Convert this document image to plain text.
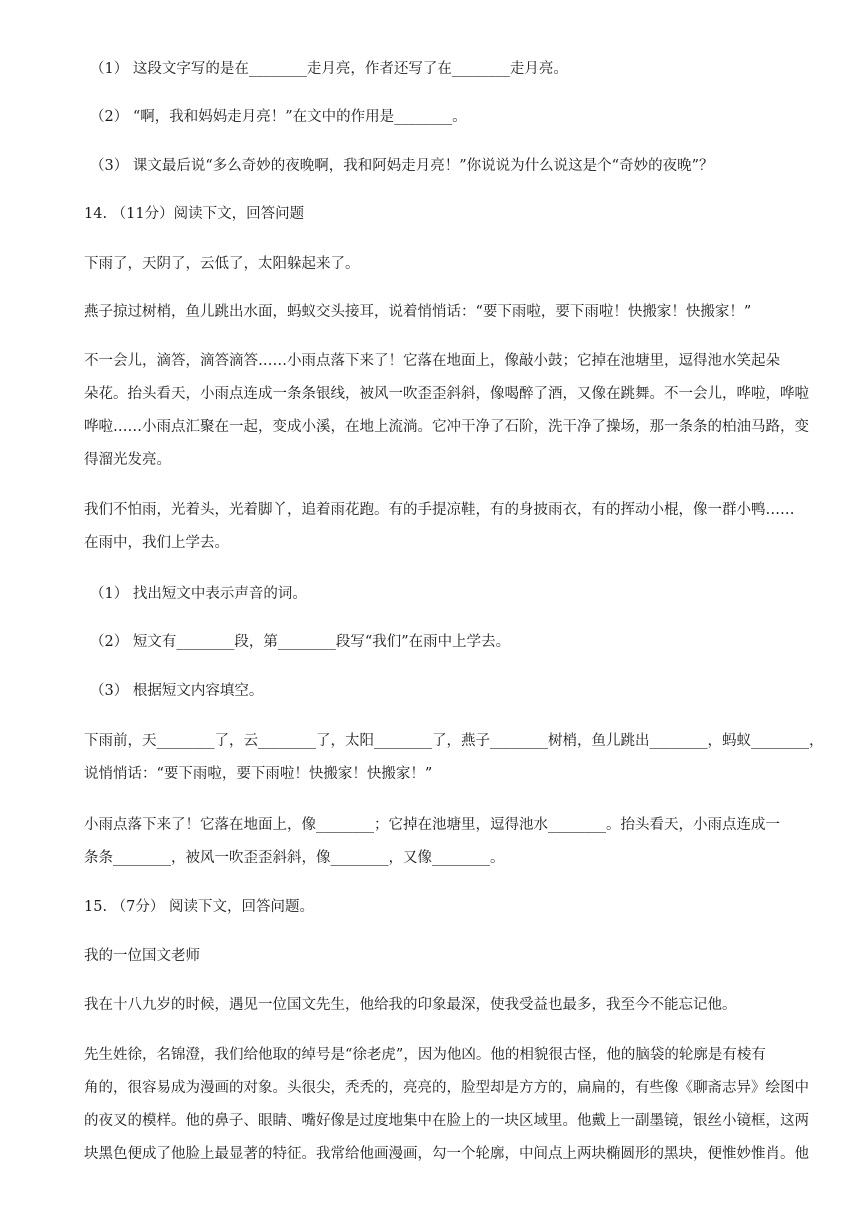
（1） 这段文字写的是在________走月亮，作者还写了在________走月亮。
（2） “啊，我和妈妈走月亮！”在文中的作用是________。
（3） 课文最后说“多么奇妙的夜晚啊，我和阿妈走月亮！”你说说为什么说这是个“奇妙的夜晚”？
14. （11分）阅读下文，回答问题
下雨了，天阴了，云低了，太阳躲起来了。
燕子掠过树梢，鱼儿跳出水面，蚂蚁交头接耳，说着悄悄话：“要下雨啦，要下雨啦！快搬家！快搬家！”
不一会儿，滴答，滴答滴答……小雨点落下来了！它落在地面上，像敲小鼓；它掉在池塘里，逗得池水笑起朵
朵花。抬头看天，小雨点连成一条条银线，被风一吹歪歪斜斜，像喝醉了酒，又像在跳舞。不一会儿，哗啦，哗啦
哗啦……小雨点汇聚在一起，变成小溪，在地上流淌。它冲干净了石阶，洗干净了操场，那一条条的柏油马路，变
得溜光发亮。
我们不怕雨，光着头，光着脚丫，追着雨花跑。有的手提凉鞋，有的身披雨衣，有的挥动小棍，像一群小鸭……
在雨中，我们上学去。
（1） 找出短文中表示声音的词。
（2） 短文有________段，第________段写“我们”在雨中上学去。
（3） 根据短文内容填空。
下雨前，天________了，云________了，太阳________了，燕子________树梢，鱼儿跳出________，蚂蚁________，
说悄悄话：“要下雨啦，要下雨啦！快搬家！快搬家！”
小雨点落下来了！它落在地面上，像________；它掉在池塘里，逗得池水________。抬头看天，小雨点连成一
条条________，被风一吹歪歪斜斜，像________，又像________。
15. （7分） 阅读下文，回答问题。
我的一位国文老师
我在十八九岁的时候，遇见一位国文先生，他给我的印象最深，使我受益也最多，我至今不能忘记他。
先生姓徐，名锦澄，我们给他取的绰号是“徐老虎”，因为他凶。他的相貌很古怪，他的脑袋的轮廓是有棱有
角的，很容易成为漫画的对象。头很尖，秃秃的，亮亮的，脸型却是方方的，扁扁的，有些像《聊斋志异》绘图中
的夜叉的模样。他的鼻子、眼睛、嘴好像是过度地集中在脸上的一块区域里。他戴上一副墨镜，银丝小镜框，这两
块黑色便成了他脸上最显著的特征。我常给他画漫画，勾一个轮廓，中间点上两块椭圆形的黑块，便惟妙惟肖。他
